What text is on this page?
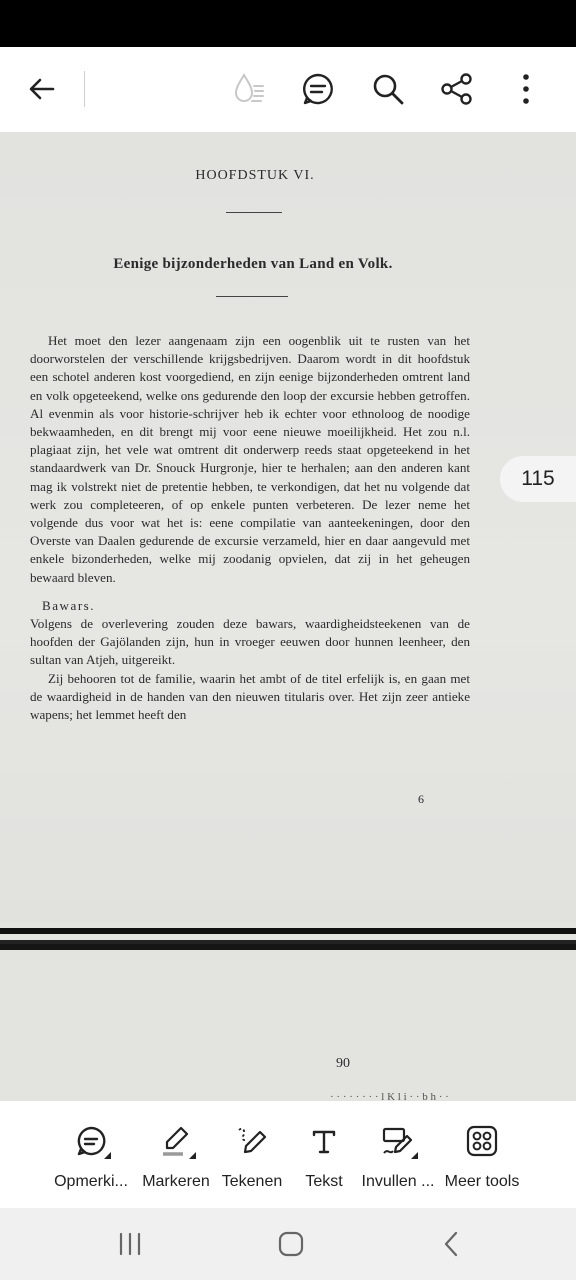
HOOFDSTUK VI.
Eenige bijzonderheden van Land en Volk.

Het moet den lezer aangenaam zijn een oogenblik uit te rusten van het doorworstelen der verschillende krijgsbedrijven. Daarom wordt in dit hoofdstuk een schotel anderen kost voorgediend, en zijn eenige bijzonderheden omtrent land en volk opgeteekend, welke ons gedurende den loop der excursie hebben getroffen. Al evenmin als voor historie-schrijver heb ik echter voor ethnoloog de noodige bekwaamheden, en dit brengt mij voor eene nieuwe moeilijkheid. Het zou n.l. plagiaat zijn, het vele wat omtrent dit onderwerp reeds staat opgeteekend in het standaardwerk van Dr. Snouck Hurgronje, hier te herhalen; aan den anderen kant mag ik volstrekt niet de pretentie hebben, te verkondigen, dat het nu volgende dat werk zou completeeren, of op enkele punten verbeteren. De lezer neme het volgende dus voor wat het is: eene compilatie van aanteekeningen, door den Overste van Daalen gedurende de excursie verzameld, hier en daar aangevuld met enkele bizonderheden, welke mij zoodanig opvielen, dat zij in het geheugen bewaard bleven.

Bawars.

Volgens de overlevering zouden deze bawars, waardigheidsteekenen van de hoofden der Gajölanden zijn, hun in vroeger eeuwen door hunnen leenheer, den sultan van Atjeh, uitgereikt.

Zij behooren tot de familie, waarin het ambt of de titel erfelijk is, en gaan met de waardigheid in de handen van den nieuwen titularis over. Het zijn zeer antieke wapens; het lemmet heeft den

6
90
· · · · · · · · l K l i · · b h · ·
115
Opmerki... Markeren Tekenen Tekst Invullen ... Meer tools
